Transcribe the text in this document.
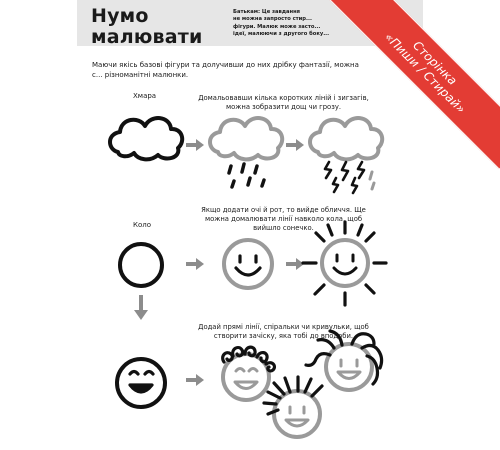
Нумо
малювати
Батькам: Це завдання
не можна запросто стир...
фігури. Малюк може засто...
ідеї, малюючи з другого боку...
Маючи якісь базові фігури та долучивши до них дрібку фантазії, можна с... різноманітні малюнки.
Хмара	Домальовавши кілька коротких ліній і зигзагів, можна зобразити дощ чи грозу.
Коло
Якщо додати очі й рот, то вийде обличчя. Ще можна домалювати лінії навколо кола, щоб вийшло сонечко.
Додай прямі лінії, спіральки чи кривульки, щоб створити зачіску, яка тобі до вподоби.
Сторінка
«Пиши / Стирай»
